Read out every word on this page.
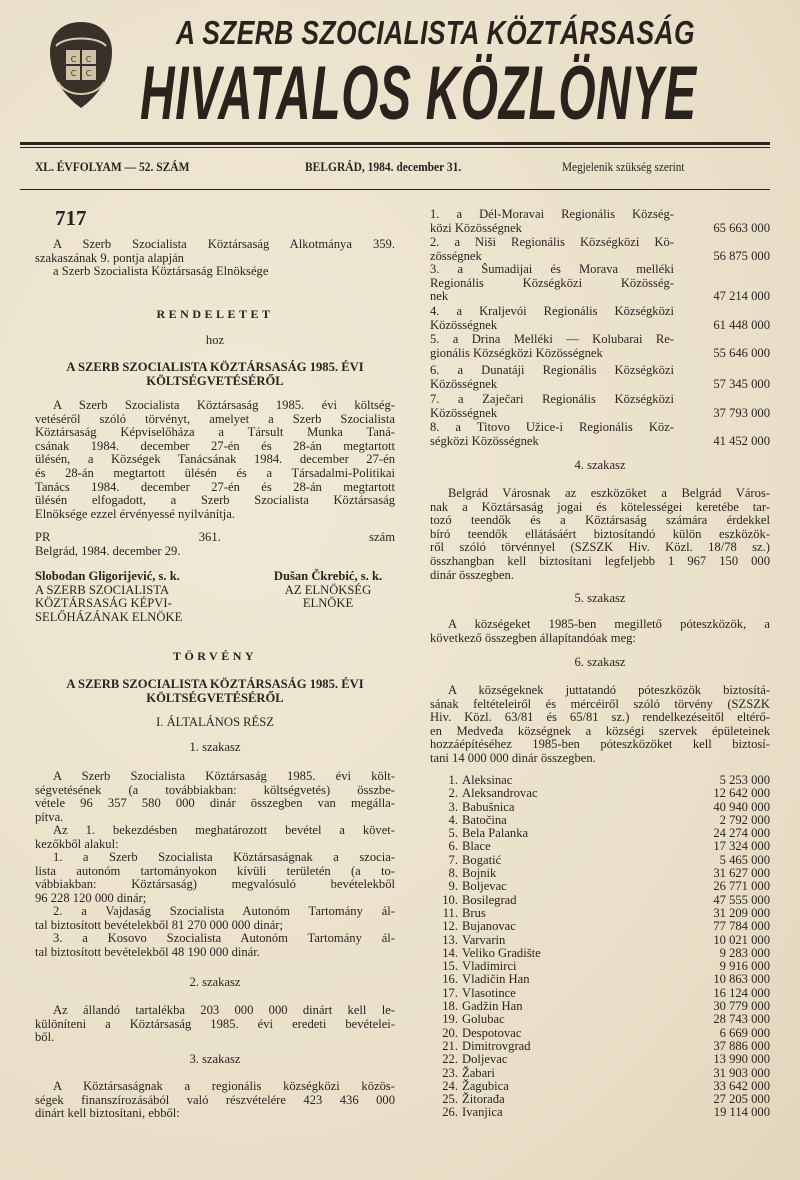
C C
C C
A SZERB SZOCIALISTA KÖZTÁRSASÁG
HIVATALOS KÖZLÖNYE
XL. ÉVFOLYAM — 52. SZÁM	BELGRÁD, 1984. december 31.	Megjelenik szükség szerint
717
A Szerb Szocialista Köztársaság Alkotmánya 359.
szakaszának 9. pontja alapján
a Szerb Szocialista Köztársaság Elnöksége
RENDELETET
hoz
A SZERB SZOCIALISTA KÖZTÁRSASÁG 1985. ÉVI
KÖLTSÉGVETÉSÉRŐL
A Szerb Szocialista Köztársaság 1985. évi költség-
vetéséről szóló törvényt, amelyet a Szerb Szocialista
Köztársaság Képviselőháza a Társult Munka Taná-
csának 1984. december 27-én és 28-án megtartott
ülésén, a Községek Tanácsának 1984. december 27-én
és 28-án megtartott ülésén és a Társadalmi-Politikai
Tanács 1984. december 27-én és 28-án megtartott
ülésén elfogadott, a Szerb Szocialista Köztársaság
Elnöksége ezzel érvényessé nyilvánítja.
PR 361. szám
Belgrád, 1984. december 29.
Slobodan Gligorijević, s. k.
A SZERB SZOCIALISTA
KÖZTÁRSASÁG KÉPVI-
SELŐHÁZÁNAK ELNÖKE
Dušan Čkrebić, s. k.
AZ ELNÖKSÉG
ELNÖKE
TÖRVÉNY
A SZERB SZOCIALISTA KÖZTÁRSASÁG 1985. ÉVI
KÖLTSÉGVETÉSÉRŐL
I. ÁLTALÁNOS RÉSZ
1. szakasz
A Szerb Szocialista Köztársaság 1985. évi költ-
ségvetésének (a továbbiakban: költségvetés) összbe-
vétele 96 357 580 000 dinár összegben van megálla-
pítva.
Az 1. bekezdésben meghatározott bevétel a követ-
kezőkből alakul:
1. a Szerb Szocialista Köztársaságnak a szocia-
lista autonóm tartományokon kívüli területén (a to-
vábbiakban: Köztársaság) megvalósuló bevételekből
96 228 120 000 dinár;
2. a Vajdaság Szocialista Autonóm Tartomány ál-
tal biztosított bevételekből 81 270 000 000 dinár;
3. a Kosovo Szocialista Autonóm Tartomány ál-
tal biztosított bevételekből 48 190 000 dinár.
2. szakasz
Az állandó tartalékba 203 000 000 dinárt kell le-
különíteni a Köztársaság 1985. évi eredeti bevételei-
ből.
3. szakasz
A Köztársaságnak a regionális községközi közös-
ségek finanszírozásából való részvételére 423 436 000
dinárt kell biztosítani, ebből:
1. a Dél-Moravai Regionális Község-
közi Közösségnek	65 663 000
2. a Niši Regionális Községközi Kö-
zösségnek	56 875 000
3. a Šumadijai és Morava melléki
Regionális Községközi Közösség-
nek	47 214 000
4. a Kraljevói Regionális Községközi
Közösségnek	61 448 000
5. a Drina Melléki — Kolubarai Re-
gionális Községközi Közösségnek	55 646 000
6. a Dunatáji Regionális Községközi
Közösségnek	57 345 000
7. a Zaječari Regionális Községközi
Közösségnek	37 793 000
8. a Titovo Užice-i Regionális Köz-
ségközi Közösségnek	41 452 000
4. szakasz
Belgrád Városnak az eszközöket a Belgrád Város-
nak a Köztársaság jogai és kötelességei keretébe tar-
tozó teendők és a Köztársaság számára érdekkel
bíró teendők ellátásáért biztosítandó külön eszközök-
ről szóló törvénnyel (SZSZK Hiv. Közl. 18/78 sz.)
összhangban kell biztosítani legfeljebb 1 967 150 000
dinár összegben.
5. szakasz
A községeket 1985-ben megillető póteszközök, a
következő összegben állapítandóak meg:
6. szakasz
A községeknek juttatandó póteszközök biztosítá-
sának feltételeiről és mércéiről szóló törvény (SZSZK
Hiv. Közl. 63/81 és 65/81 sz.) rendelkezéseitől eltérő-
en Medveđa községnek a községi szervek épületeinek
hozzáépítéséhez 1985-ben póteszközöket kell biztosí-
tani 14 000 000 dinár összegben.
1. Aleksinac	5 253 000
2. Aleksandrovac	12 642 000
3. Babušnica	40 940 000
4. Batočina	2 792 000
5. Bela Palanka	24 274 000
6. Blace	17 324 000
7. Bogatić	5 465 000
8. Bojnik	31 627 000
9. Boljevac	26 771 000
10. Bosilegrad	47 555 000
11. Brus	31 209 000
12. Bujanovac	77 784 000
13. Varvarin	10 021 000
14. Veliko Gradište	9 283 000
15. Vladimirci	9 916 000
16. Vladičin Han	10 863 000
17. Vlasotince	16 124 000
18. Gadžin Han	30 779 000
19. Golubac	28 743 000
20. Despotovac	6 669 000
21. Dimitrovgrad	37 886 000
22. Doljevac	13 990 000
23. Žabari	31 903 000
24. Žagubica	33 642 000
25. Žitorađa	27 205 000
26. Ivanjica	19 114 000
